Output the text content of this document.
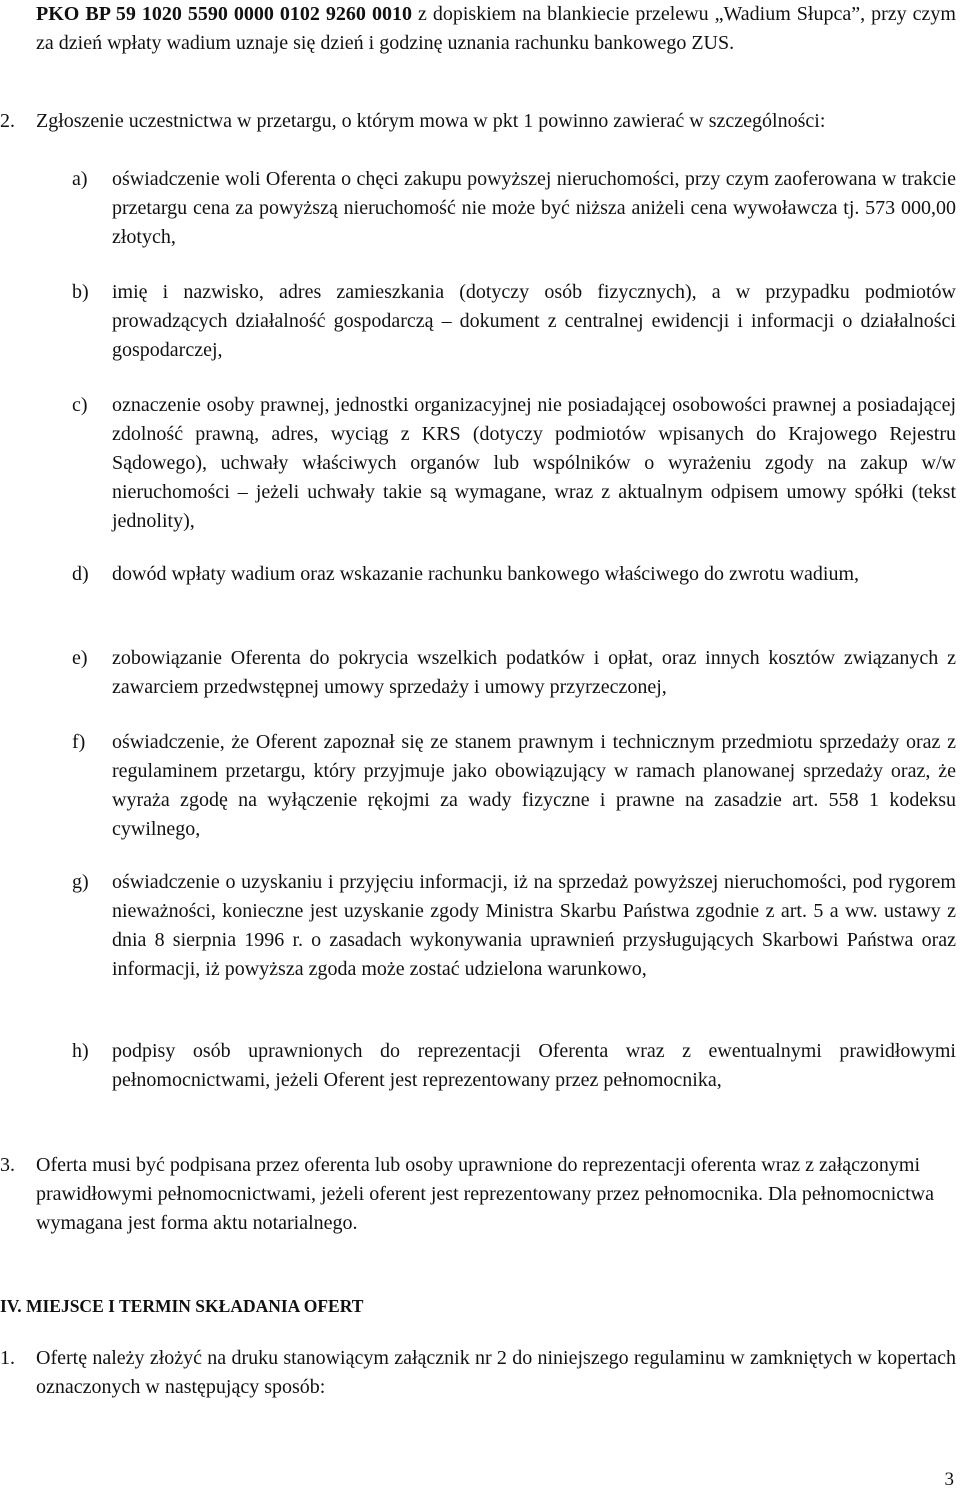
PKO BP 59 1020 5590 0000 0102 9260 0010 z dopiskiem na blankiecie przelewu „Wadium Słupca”, przy czym za dzień wpłaty wadium uznaje się dzień i godzinę uznania rachunku bankowego ZUS.
2. Zgłoszenie uczestnictwa w przetargu, o którym mowa w pkt 1 powinno zawierać w szczególności:
a) oświadczenie woli Oferenta o chęci zakupu powyższej nieruchomości, przy czym zaoferowana w trakcie przetargu cena za powyższą nieruchomość nie może być niższa aniżeli cena wywoławcza tj. 573 000,00 złotych,
b) imię i nazwisko, adres zamieszkania (dotyczy osób fizycznych), a w przypadku podmiotów prowadzących działalność gospodarczą – dokument z centralnej ewidencji i informacji o działalności gospodarczej,
c) oznaczenie osoby prawnej, jednostki organizacyjnej nie posiadającej osobowości prawnej a posiadającej zdolność prawną, adres, wyciąg z KRS (dotyczy podmiotów wpisanych do Krajowego Rejestru Sądowego), uchwały właściwych organów lub wspólników o wyrażeniu zgody na zakup w/w nieruchomości – jeżeli uchwały takie są wymagane, wraz z aktualnym odpisem umowy spółki (tekst jednolity),
d) dowód wpłaty wadium oraz wskazanie rachunku bankowego właściwego do zwrotu wadium,
e) zobowiązanie Oferenta do pokrycia wszelkich podatków i opłat, oraz innych kosztów związanych z zawarciem przedwstępnej umowy sprzedaży i umowy przyrzeczonej,
f) oświadczenie, że Oferent zapoznał się ze stanem prawnym i technicznym przedmiotu sprzedaży oraz z regulaminem przetargu, który przyjmuje jako obowiązujący w ramach planowanej sprzedaży oraz, że wyraża zgodę na wyłączenie rękojmi za wady fizyczne i prawne na zasadzie art. 558 1 kodeksu cywilnego,
g) oświadczenie o uzyskaniu i przyjęciu informacji, iż na sprzedaż powyższej nieruchomości, pod rygorem nieważności, konieczne jest uzyskanie zgody Ministra Skarbu Państwa zgodnie z art. 5 a ww. ustawy z dnia 8 sierpnia 1996 r. o zasadach wykonywania uprawnień przysługujących Skarbowi Państwa oraz informacji, iż powyższa zgoda może zostać udzielona warunkowo,
h) podpisy osób uprawnionych do reprezentacji Oferenta wraz z ewentualnymi prawidłowymi pełnomocnictwami, jeżeli Oferent jest reprezentowany przez pełnomocnika,
3. Oferta musi być podpisana przez oferenta lub osoby uprawnione do reprezentacji oferenta wraz z załączonymi prawidłowymi pełnomocnictwami, jeżeli oferent jest reprezentowany przez pełnomocnika. Dla pełnomocnictwa wymagana jest forma aktu notarialnego.
IV. MIEJSCE I TERMIN SKŁADANIA OFERT
1. Ofertę należy złożyć na druku stanowiącym załącznik nr 2 do niniejszego regulaminu w zamkniętych w kopertach oznaczonych w następujący sposób:
3
